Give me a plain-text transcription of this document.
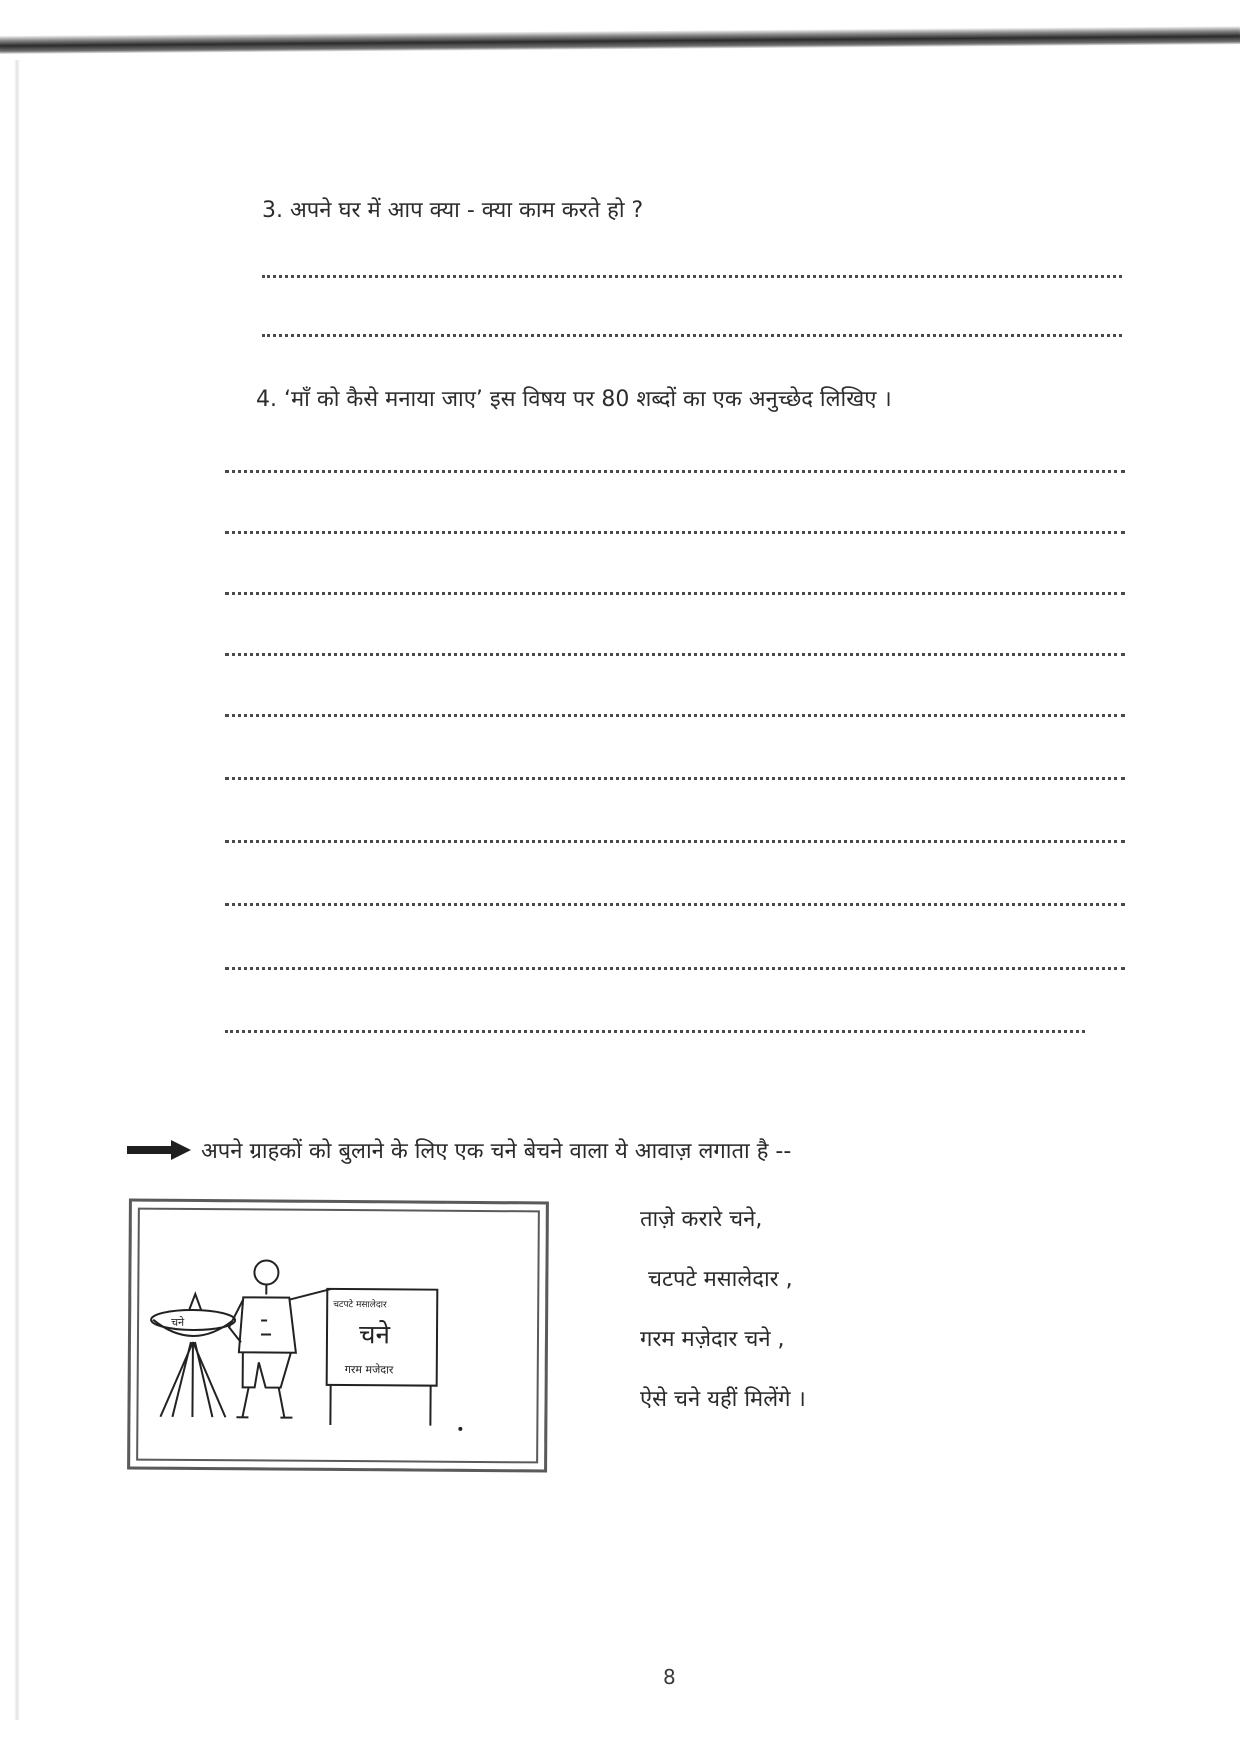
3. अपने घर में आप क्या - क्या काम करते हो ?
4. ‘माँ को कैसे मनाया जाए’ इस विषय पर 80 शब्दों का एक अनुच्छेद लिखिए ।
अपने ग्राहकों को बुलाने के लिए एक चने बेचने वाला ये आवाज़ लगाता है --
चने
चटपटे मसालेदार
चने
गरम मजेदार
ताज़े करारे चने,
चटपटे मसालेदार ,
गरम मज़ेदार चने ,
ऐसे चने यहीं मिलेंगे ।
8
